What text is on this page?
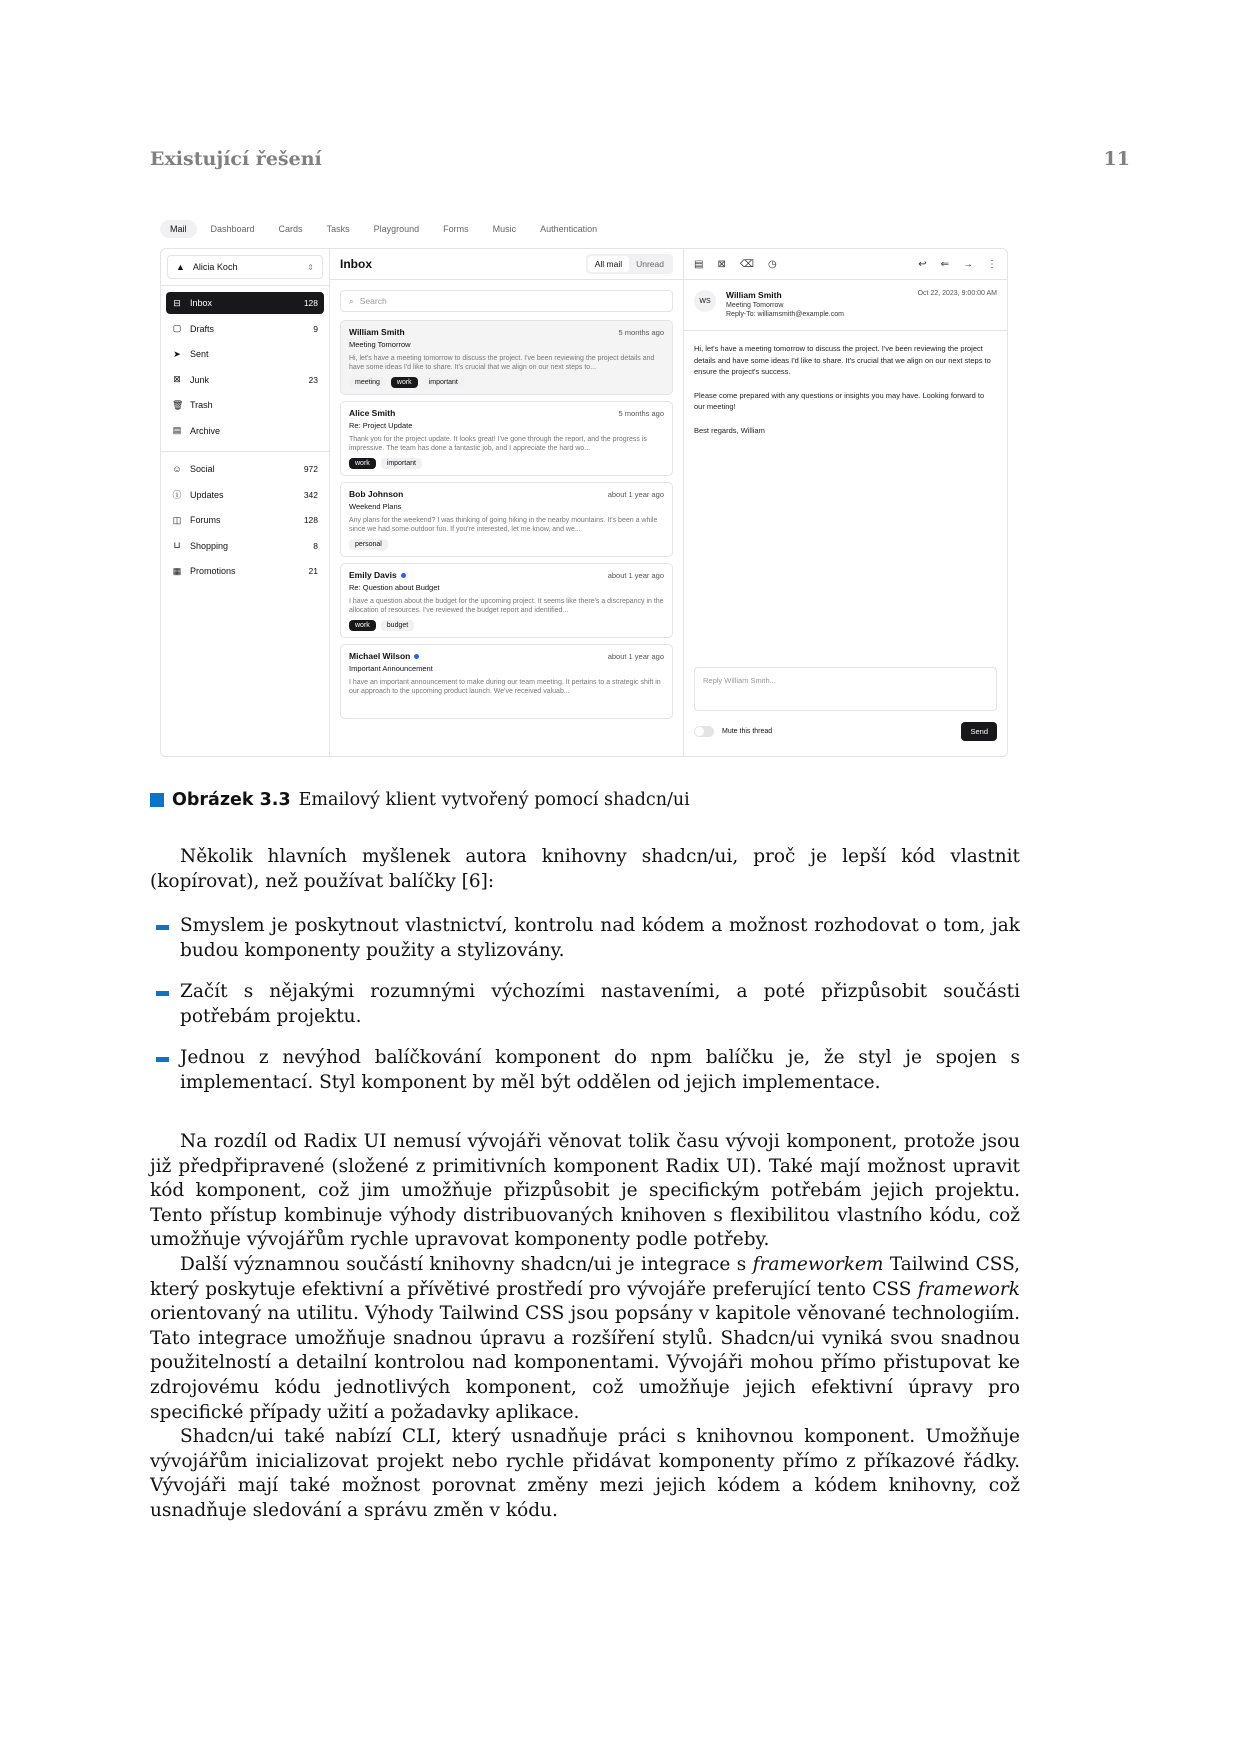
Existující řešení	11
Mail	Dashboard	Cards	Tasks	Playground	Forms	Music	Authentication
▲ Alicia Koch	⇕
⊟ Inbox	128
▢ Drafts	9
➤ Sent
⊠ Junk	23
🗑 Trash
▤ Archive
☺ Social	972
ⓘ Updates	342
◫ Forums	128
⊔ Shopping	8
▦ Promotions	21
Inbox	All mail	Unread
⌕ Search
William Smith	5 months ago
Meeting Tomorrow
Hi, let's have a meeting tomorrow to discuss the project. I've been reviewing the project details and have some ideas I'd like to share. It's crucial that we align on our next steps to...
meeting	work	important
Alice Smith	5 months ago
Re: Project Update
Thank you for the project update. It looks great! I've gone through the report, and the progress is impressive. The team has done a fantastic job, and I appreciate the hard wo...
work	important
Bob Johnson	about 1 year ago
Weekend Plans
Any plans for the weekend? I was thinking of going hiking in the nearby mountains. It's been a while since we had some outdoor fun. If you're interested, let me know, and we...
personal
Emily Davis	about 1 year ago
Re: Question about Budget
I have a question about the budget for the upcoming project. It seems like there's a discrepancy in the allocation of resources. I've reviewed the budget report and identified...
work	budget
Michael Wilson	about 1 year ago
Important Announcement
I have an important announcement to make during our team meeting. It pertains to a strategic shift in our approach to the upcoming product launch. We've received valuab...
▤ ⊠ ⌫ ◷	↩ ⇐ → ⋮
WS
William Smith
Meeting Tomorrow
Reply-To: williamsmith@example.com
Oct 22, 2023, 9:00:00 AM

Hi, let's have a meeting tomorrow to discuss the project. I've been reviewing the project details and have some ideas I'd like to share. It's crucial that we align on our next steps to ensure the project's success.

Please come prepared with any questions or insights you may have. Looking forward to our meeting!

Best regards, William

Reply William Smith...
Mute this thread	Send
Obrázek 3.3 Emailový klient vytvořený pomocí shadcn/ui

Několik hlavních myšlenek autora knihovny shadcn/ui, proč je lepší kód vlastnit (kopírovat), než používat balíčky [6]:

Smyslem je poskytnout vlastnictví, kontrolu nad kódem a možnost rozhodovat o tom, jak budou komponenty použity a stylizovány.

Začít s nějakými rozumnými výchozími nastaveními, a poté přizpůsobit součásti potřebám projektu.

Jednou z nevýhod balíčkování komponent do npm balíčku je, že styl je spojen s implementací. Styl komponent by měl být oddělen od jejich implementace.

Na rozdíl od Radix UI nemusí vývojáři věnovat tolik času vývoji komponent, protože jsou již předpřipravené (složené z primitivních komponent Radix UI). Také mají možnost upravit kód komponent, což jim umožňuje přizpůsobit je specifickým potřebám jejich projektu. Tento přístup kombinuje výhody distribuovaných knihoven s flexibilitou vlastního kódu, což umožňuje vývojářům rychle upravovat komponenty podle potřeby.

Další významnou součástí knihovny shadcn/ui je integrace s frameworkem Tailwind CSS, který poskytuje efektivní a přívětivé prostředí pro vývojáře preferující tento CSS framework orientovaný na utilitu. Výhody Tailwind CSS jsou popsány v kapitole věnované technologiím. Tato integrace umožňuje snadnou úpravu a rozšíření stylů. Shadcn/ui vyniká svou snadnou použitelností a detailní kontrolou nad komponentami. Vývojáři mohou přímo přistupovat ke zdrojovému kódu jednotlivých komponent, což umožňuje jejich efektivní úpravy pro specifické případy užití a požadavky aplikace.

Shadcn/ui také nabízí CLI, který usnadňuje práci s knihovnou komponent. Umožňuje vývojářům inicializovat projekt nebo rychle přidávat komponenty přímo z příkazové řádky. Vývojáři mají také možnost porovnat změny mezi jejich kódem a kódem knihovny, což usnadňuje sledování a správu změn v kódu.
